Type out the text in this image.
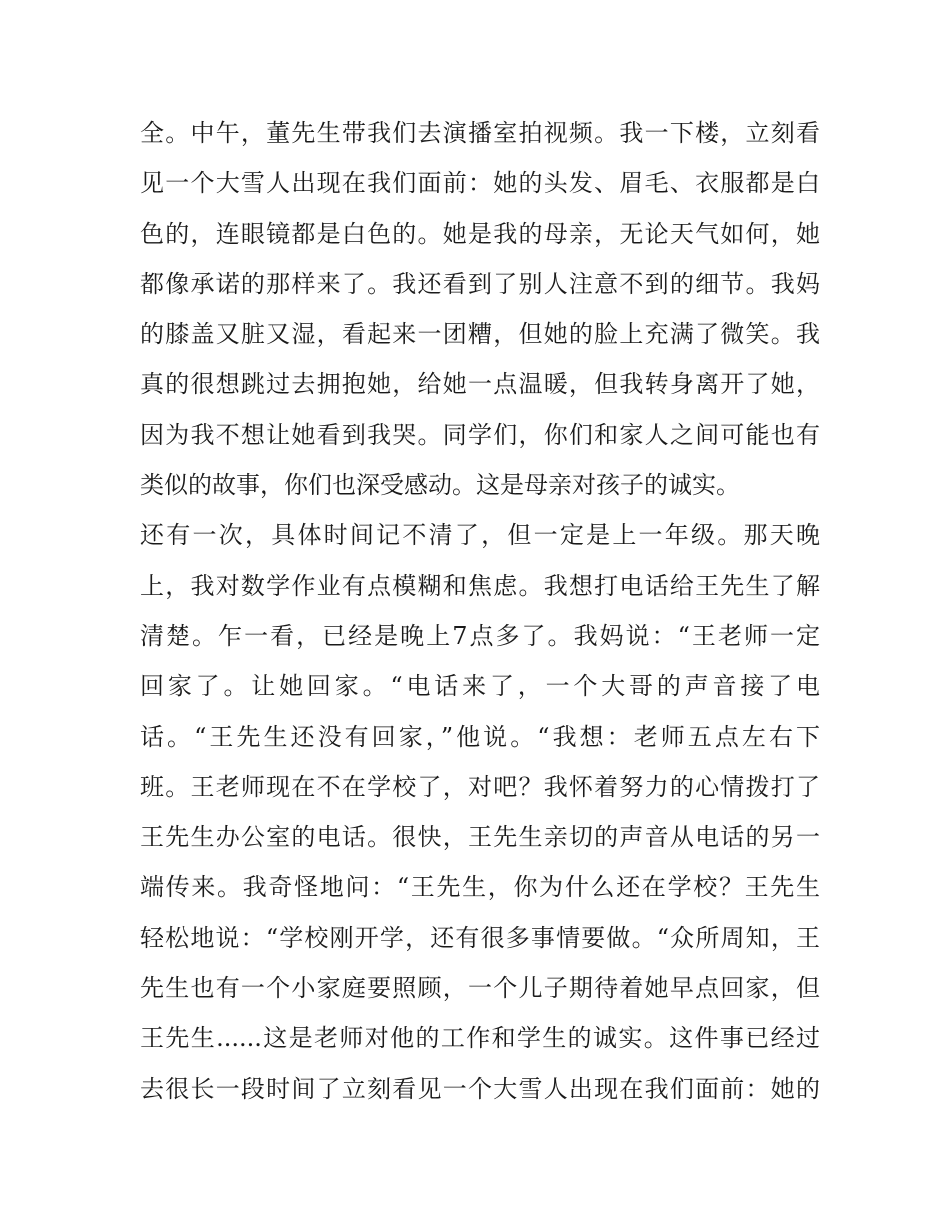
全。中午，董先生带我们去演播室拍视频。我一下楼，立刻看
见一个大雪人出现在我们面前：她的头发、眉毛、衣服都是白
色的，连眼镜都是白色的。她是我的母亲，无论天气如何，她
都像承诺的那样来了。我还看到了别人注意不到的细节。我妈
的膝盖又脏又湿，看起来一团糟，但她的脸上充满了微笑。我
真的很想跳过去拥抱她，给她一点温暖，但我转身离开了她，
因为我不想让她看到我哭。同学们，你们和家人之间可能也有
类似的故事，你们也深受感动。这是母亲对孩子的诚实。
还有一次，具体时间记不清了，但一定是上一年级。那天晚
上，我对数学作业有点模糊和焦虑。我想打电话给王先生了解
清楚。乍一看，已经是晚上7点多了。我妈说：“王老师一定
回家了。让她回家。“电话来了，一个大哥的声音接了电
话。“王先生还没有回家，”他说。“我想：老师五点左右下
班。王老师现在不在学校了，对吧？我怀着努力的心情拨打了
王先生办公室的电话。很快，王先生亲切的声音从电话的另一
端传来。我奇怪地问：“王先生，你为什么还在学校？王先生
轻松地说：“学校刚开学，还有很多事情要做。“众所周知，王
先生也有一个小家庭要照顾，一个儿子期待着她早点回家，但
王先生......这是老师对他的工作和学生的诚实。这件事已经过
去很长一段时间了立刻看见一个大雪人出现在我们面前：她的
